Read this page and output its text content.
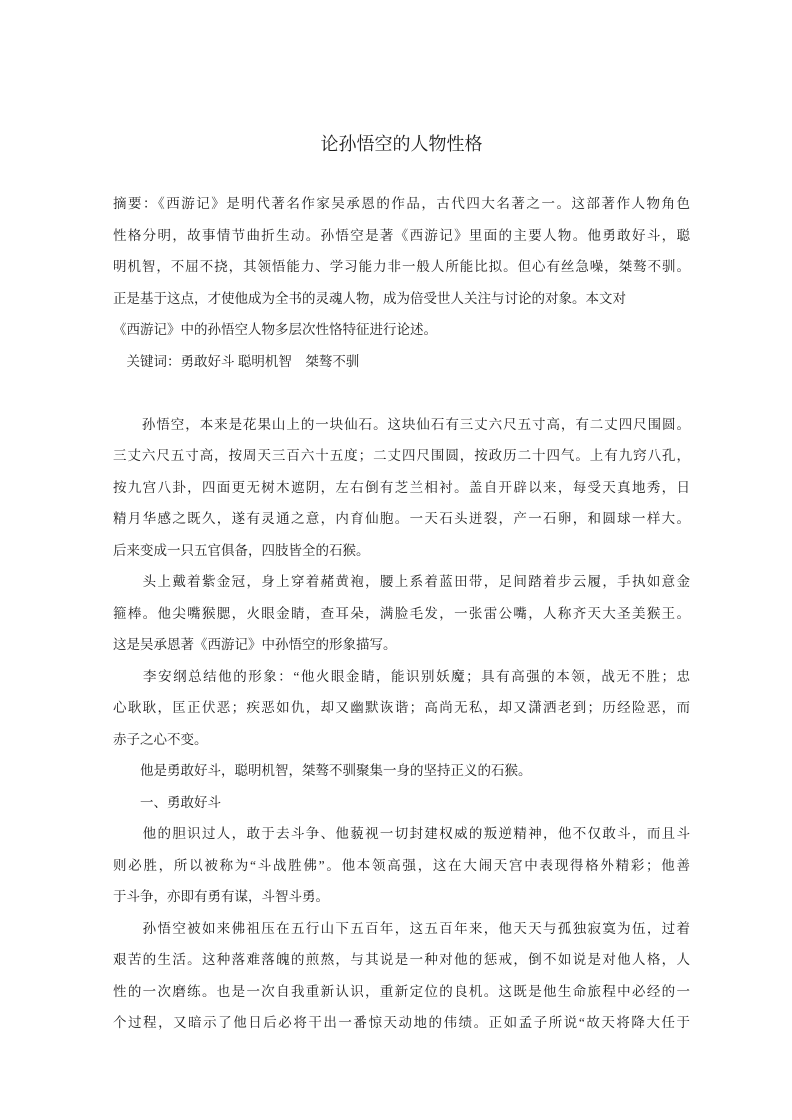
论孙悟空的人物性格
摘要：《西游记》是明代著名作家吴承恩的作品，古代四大名著之一。这部著作人物角色
性格分明，故事情节曲折生动。孙悟空是著《西游记》里面的主要人物。他勇敢好斗，聪
明机智，不屈不挠，其领悟能力、学习能力非一般人所能比拟。但心有丝急噪，桀骜不驯。
正是基于这点，才使他成为全书的灵魂人物，成为倍受世人关注与讨论的对象。本文对
《西游记》中的孙悟空人物多层次性恪特征进行论述。
　关键词：勇敢好斗 聪明机智　桀骜不驯
　　孙悟空，本来是花果山上的一块仙石。这块仙石有三丈六尺五寸高，有二丈四尺围圆。
三丈六尺五寸高，按周天三百六十五度；二丈四尺围圆，按政历二十四气。上有九窍八孔，
按九宫八卦，四面更无树木遮阴，左右倒有芝兰相衬。盖自开辟以来，每受天真地秀，日
精月华感之既久，遂有灵通之意，内育仙胞。一天石头迸裂，产一石卵，和圆球一样大。
后来变成一只五官俱备，四肢皆全的石猴。
　　头上戴着紫金冠，身上穿着赭黄袍，腰上系着蓝田带，足间踏着步云履，手执如意金
箍棒。他尖嘴猴腮，火眼金睛，查耳朵，满脸毛发，一张雷公嘴，人称齐天大圣美猴王。
这是吴承恩著《西游记》中孙悟空的形象描写。
　　李安纲总结他的形象：“他火眼金睛，能识别妖魔；具有高强的本领，战无不胜；忠
心耿耿，匡正伏恶；疾恶如仇，却又幽默诙谐；高尚无私，却又潇洒老到；历经险恶，而
赤子之心不变。
　　他是勇敢好斗，聪明机智，桀骜不驯聚集一身的坚持正义的石猴。
　　一、勇敢好斗
　　他的胆识过人，敢于去斗争、他藐视一切封建权威的叛逆精神，他不仅敢斗，而且斗
则必胜，所以被称为“斗战胜佛”。他本领高强，这在大闹天宫中表现得格外精彩；他善
于斗争，亦即有勇有谋，斗智斗勇。
　　孙悟空被如来佛祖压在五行山下五百年，这五百年来，他天天与孤独寂寞为伍，过着
艰苦的生活。这种落难落魄的煎熬，与其说是一种对他的惩戒，倒不如说是对他人格，人
性的一次磨练。也是一次自我重新认识，重新定位的良机。这既是他生命旅程中必经的一
个过程，又暗示了他日后必将干出一番惊天动地的伟绩。正如孟子所说“故天将降大任于
